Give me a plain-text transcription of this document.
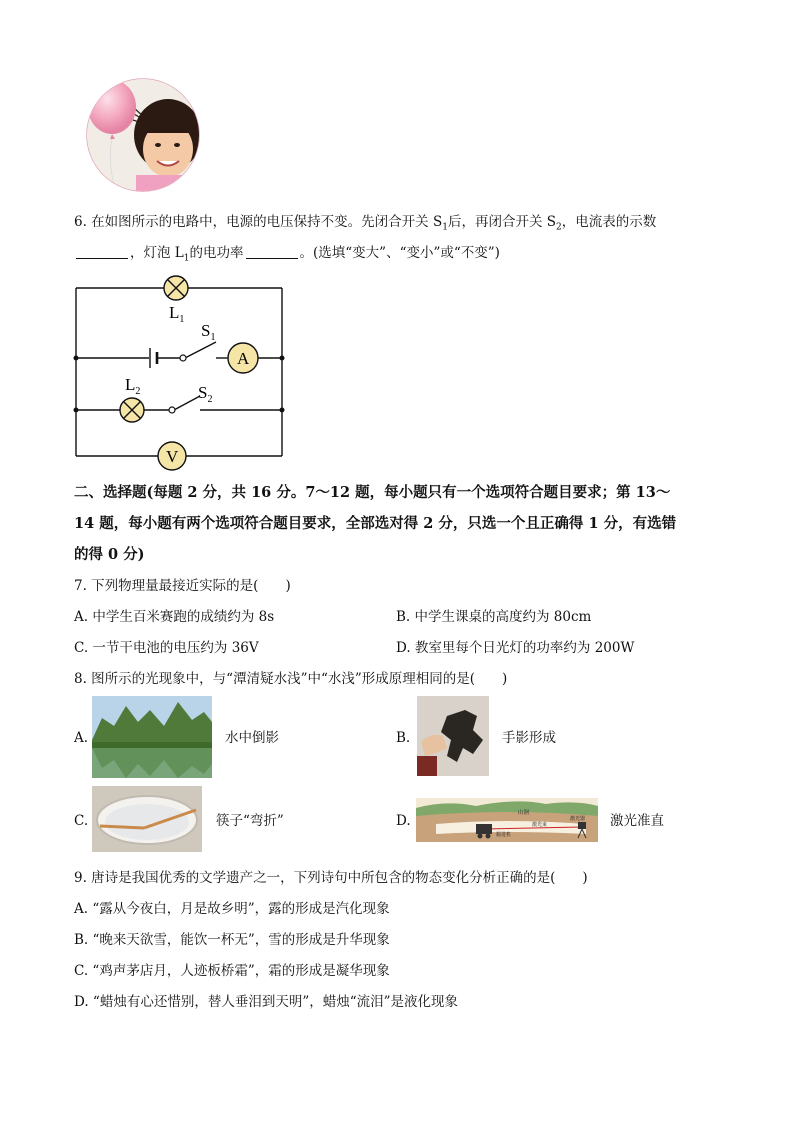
6. 在如图所示的电路中，电源的电压保持不变。先闭合开关 $S_1$后，再闭合开关 $S_2$，电流表的示数
，灯泡 $L_1$的电功率	。(选填“变大”、“变小”或“不变”)
$L_1$
$S_1$
A
$L_2$	$S_2$
V
二、选择题(每题 2 分，共 16 分。7～12 题，每小题只有一个选项符合题目要求；第 13～
14 题，每小题有两个选项符合题目要求，全部选对得 2 分，只选一个且正确得 1 分，有选错
的得 0 分)
7. 下列物理量最接近实际的是(　　)
A. 中学生百米赛跑的成绩约为 8s	B. 中学生课桌的高度约为 80cm
C. 一节干电池的电压约为 36V	D. 教室里每个日光灯的功率约为 200W
8. 图所示的光现象中，与“潭清疑水浅”中“水浅”形成原理相同的是(　　)
A.	水中倒影	B.	手影形成
C.	筷子“弯折”	D.	山洞
激光束
掘进机
激光器 激光准直
9. 唐诗是我国优秀的文学遗产之一，下列诗句中所包含的物态变化分析正确的是(　　)
A. “露从今夜白，月是故乡明”，露的形成是汽化现象
B. “晚来天欲雪，能饮一杯无”，雪的形成是升华现象
C. “鸡声茅店月，人迹板桥霜”，霜的形成是凝华现象
D. “蜡烛有心还惜别，替人垂泪到天明”，蜡烛“流泪”是液化现象
